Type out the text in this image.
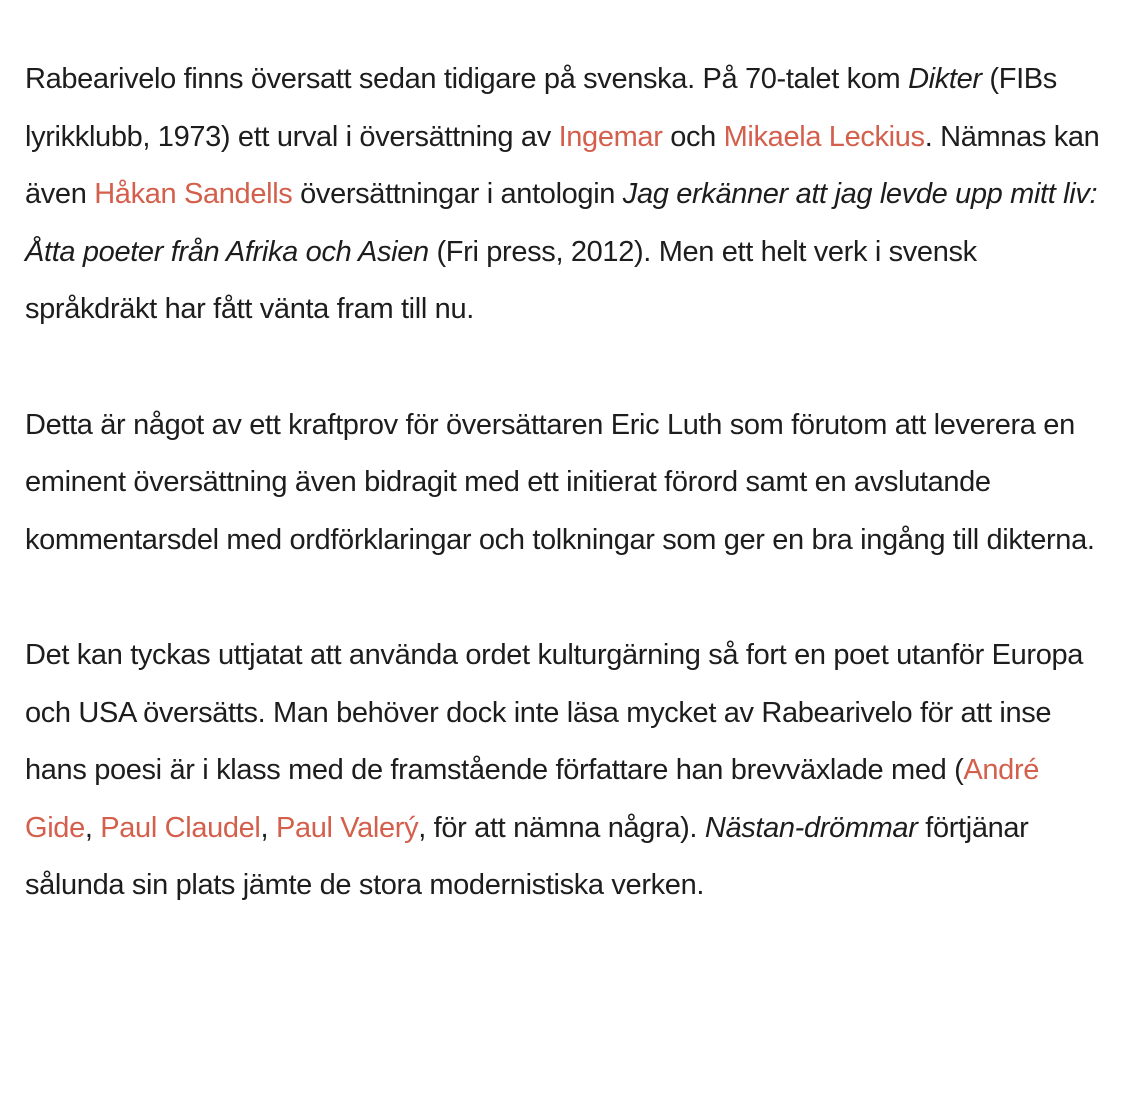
Rabearivelo finns översatt sedan tidigare på svenska. På 70-talet kom Dikter (FIBs lyrikklubb, 1973) ett urval i översättning av Ingemar och Mikaela Leckius. Nämnas kan även Håkan Sandells översättningar i antologin Jag erkänner att jag levde upp mitt liv: Åtta poeter från Afrika och Asien (Fri press, 2012). Men ett helt verk i svensk språkdräkt har fått vänta fram till nu.

Detta är något av ett kraftprov för översättaren Eric Luth som förutom att leverera en eminent översättning även bidragit med ett initierat förord samt en avslutande kommentarsdel med ordförklaringar och tolkningar som ger en bra ingång till dikterna.

Det kan tyckas uttjatat att använda ordet kulturgärning så fort en poet utanför Europa och USA översätts. Man behöver dock inte läsa mycket av Rabearivelo för att inse hans poesi är i klass med de framstående författare han brevväxlade med (André Gide, Paul Claudel, Paul Valerý, för att nämna några). Nästan-drömmar förtjänar sålunda sin plats jämte de stora modernistiska verken.
